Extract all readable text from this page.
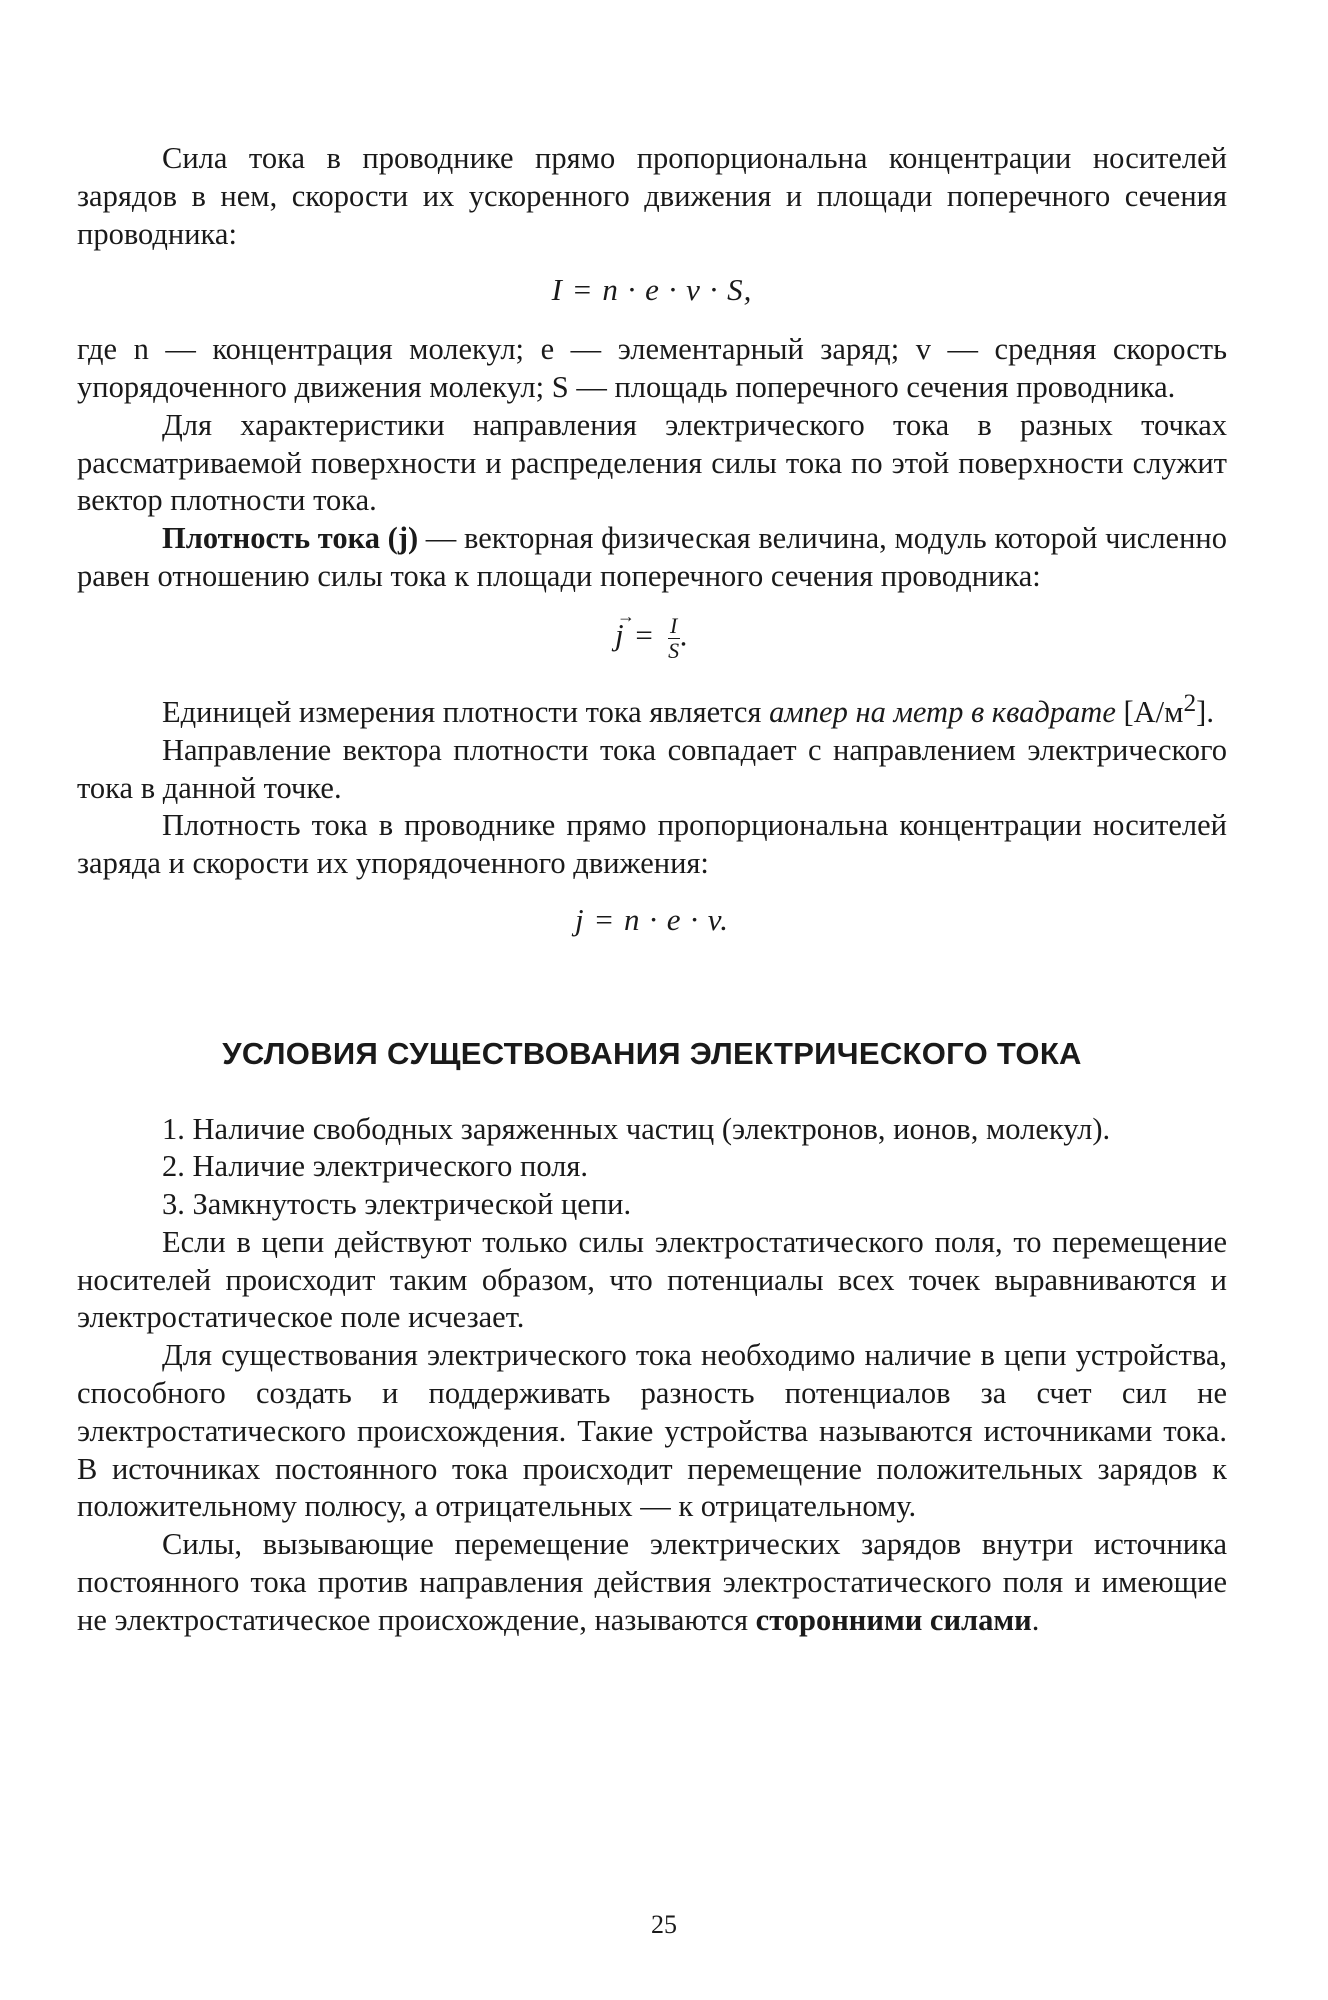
Сила тока в проводнике прямо пропорциональна концентрации носителей зарядов в нем, скорости их ускоренного движения и площади поперечного сечения проводника:

I = n · e · v · S,

где n — концентрация молекул; e — элементарный заряд; v — средняя скорость упорядоченного движения молекул; S — площадь поперечного сечения проводника.

Для характеристики направления электрического тока в разных точках рассматриваемой поверхности и распределения силы тока по этой поверхности служит вектор плотности тока.

Плотность тока (j) — векторная физическая величина, модуль которой численно равен отношению силы тока к площади поперечного сечения проводника:

→ $j = \frac{I}{S}$ .

Единицей измерения плотности тока является ампер на метр в квадрате $[А/м^2]$.

Направление вектора плотности тока совпадает с направлением электрического тока в данной точке.

Плотность тока в проводнике прямо пропорциональна концентрации носителей заряда и скорости их упорядоченного движения:

j = n · e · v.

УСЛОВИЯ СУЩЕСТВОВАНИЯ ЭЛЕКТРИЧЕСКОГО ТОКА

1. Наличие свободных заряженных частиц (электронов, ионов, молекул).

2. Наличие электрического поля.

3. Замкнутость электрической цепи.

Если в цепи действуют только силы электростатического поля, то перемещение носителей происходит таким образом, что потенциалы всех точек выравниваются и электростатическое поле исчезает.

Для существования электрического тока необходимо наличие в цепи устройства, способного создать и поддерживать разность потенциалов за счет сил не электростатического происхождения. Такие устройства называются источниками тока. В источниках постоянного тока происходит перемещение положительных зарядов к положительному полюсу, а отрицательных — к отрицательному.

Силы, вызывающие перемещение электрических зарядов внутри источника постоянного тока против направления действия электростатического поля и имеющие не электростатическое происхождение, называются сторонними силами.

25
